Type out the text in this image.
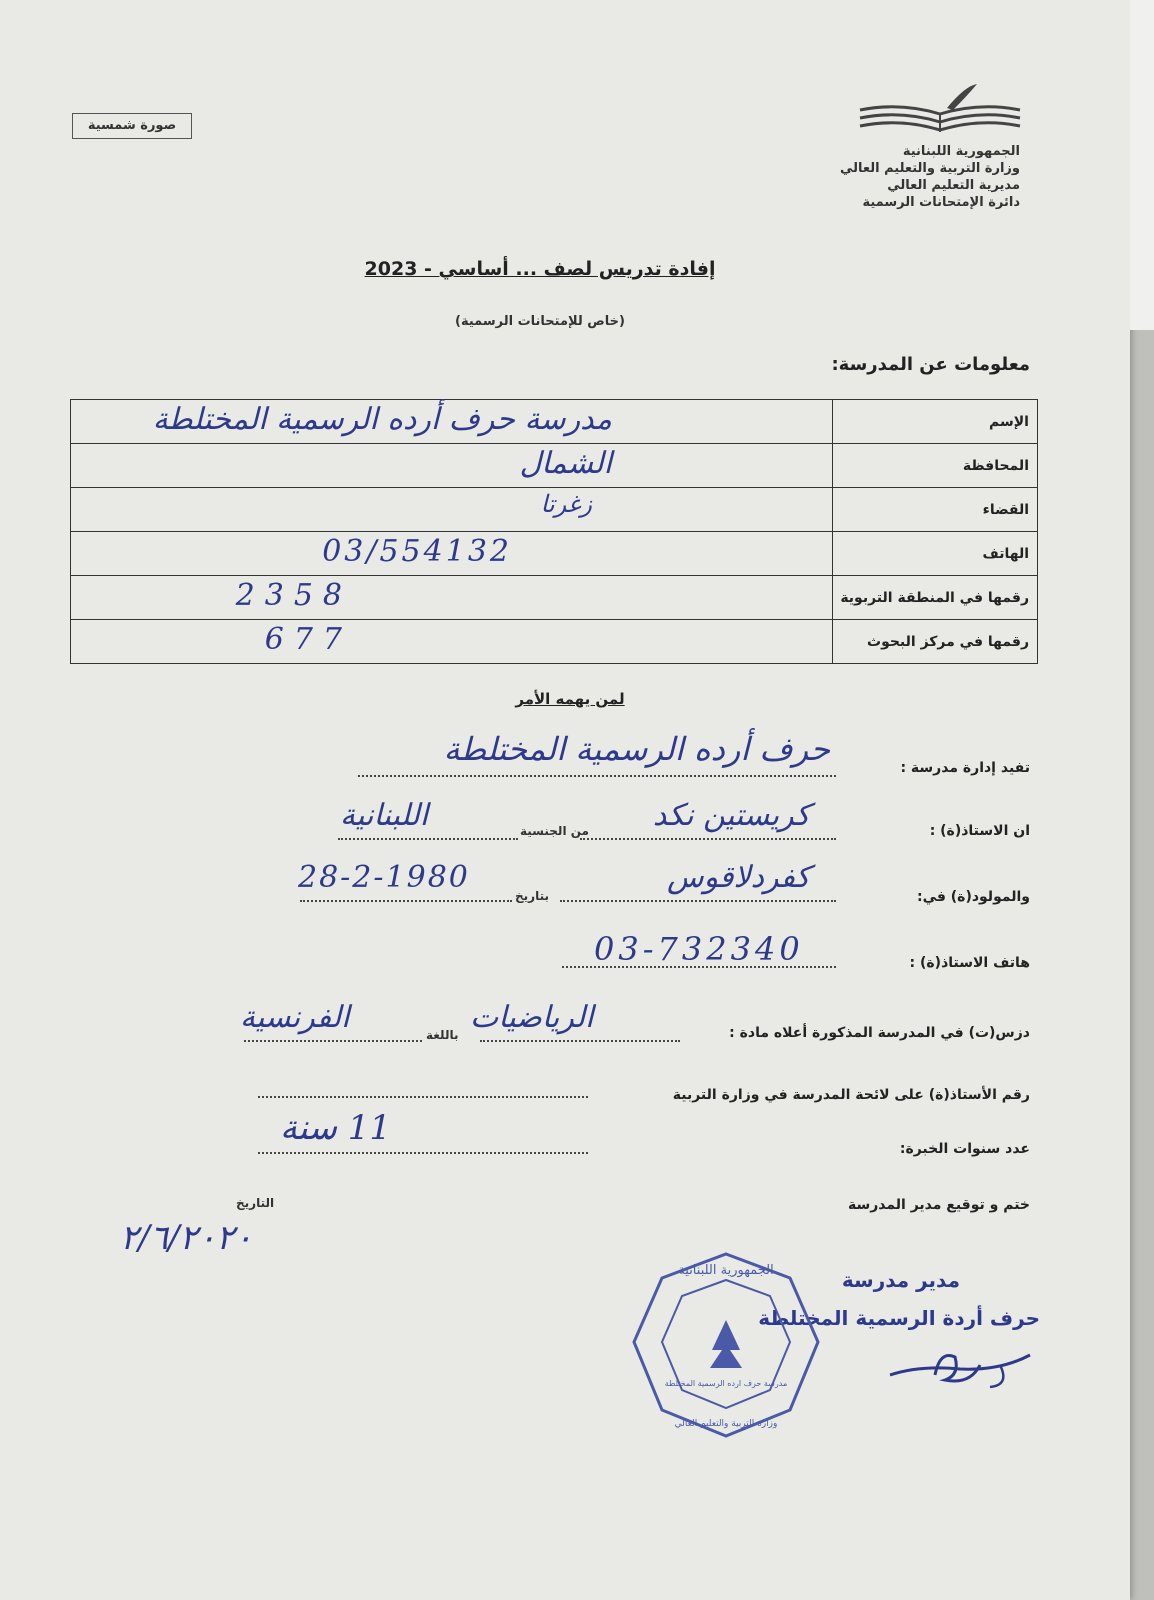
صورة شمسية
الجمهورية اللبنانية
وزارة التربية والتعليم العالي
مديرية التعليم العالي
دائرة الإمتحانات الرسمية
إفادة تدريس لصف ... أساسي - 2023
(خاص للإمتحانات الرسمية)
معلومات عن المدرسة:
الإسم	مدرسة حرف أرده الرسمية المختلطة

المحافظة	الشمال

القضاء	زغرتا

الهاتف	03/554132

رقمها في المنطقة التربوية	2358

رقمها في مركز البحوث	677
لمن يهمه الأمر
تفيد إدارة مدرسة :
حرف أرده الرسمية المختلطة
ان الاستاذ(ة) :
كريستين نكد
من الجنسية
اللبنانية
والمولود(ة) في:
كفردلاقوس
بتاريخ
28-2-1980
هاتف الاستاذ(ة) :
03-732340
دزس(ت) في المدرسة المذكورة أعلاه مادة :
الرياضيات
باللغة
الفرنسية
رقم الأستاذ(ة) على لائحة المدرسة في وزارة التربية
عدد سنوات الخبرة:
11 سنة
ختم و توقيع مدير المدرسة
التاريخ
٢/٦/٢٠٢٠
مدير مدرسة
حرف أردة الرسمية المختلطة
الجمهورية اللبنانية
مدرسة حرف ارده الرسمية المختلطة
وزارة التربية والتعليم العالي
